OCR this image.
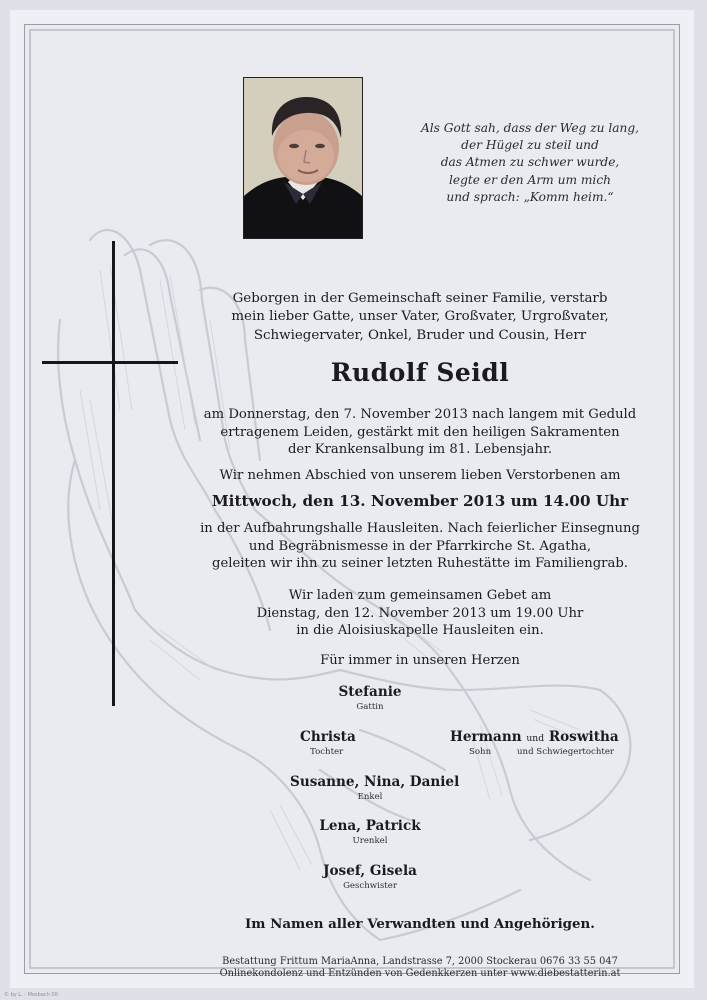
Als Gott sah, dass der Weg zu lang,
der Hügel zu steil und
das Atmen zu schwer wurde,
legte er den Arm um mich
und sprach: „Komm heim.“
Geborgen in der Gemeinschaft seiner Familie, verstarb
mein lieber Gatte, unser Vater, Großvater, Urgroßvater,
Schwiegervater, Onkel, Bruder und Cousin, Herr
Rudolf Seidl
am Donnerstag, den 7. November 2013 nach langem mit Geduld
ertragenem Leiden, gestärkt mit den heiligen Sakramenten
der Krankensalbung im 81. Lebensjahr.
Wir nehmen Abschied von unserem lieben Verstorbenen am
Mittwoch, den 13. November 2013 um 14.00 Uhr
in der Aufbahrungshalle Hausleiten. Nach feierlicher Einsegnung
und Begräbnismesse in der Pfarrkirche St. Agatha,
geleiten wir ihn zu seiner letzten Ruhestätte im Familiengrab.
Wir laden zum gemeinsamen Gebet am
Dienstag, den 12. November 2013 um 19.00 Uhr
in die Aloisiuskapelle Hausleiten ein.
Für immer in unseren Herzen
Stefanie
Gattin
Christa
Tochter
Hermann und Roswitha
Sohn	und Schwiegertochter
Susanne, Nina, Daniel
Enkel
Lena, Patrick
Urenkel
Josef, Gisela
Geschwister
Im Namen aller Verwandten und Angehörigen.
Bestattung Frittum MariaAnna, Landstrasse 7, 2000 Stockerau 0676 33 55 047
Onlinekondolenz und Entzünden von Gedenkkerzen unter www.diebestatterin.at
© by L. - Mosbach 00
